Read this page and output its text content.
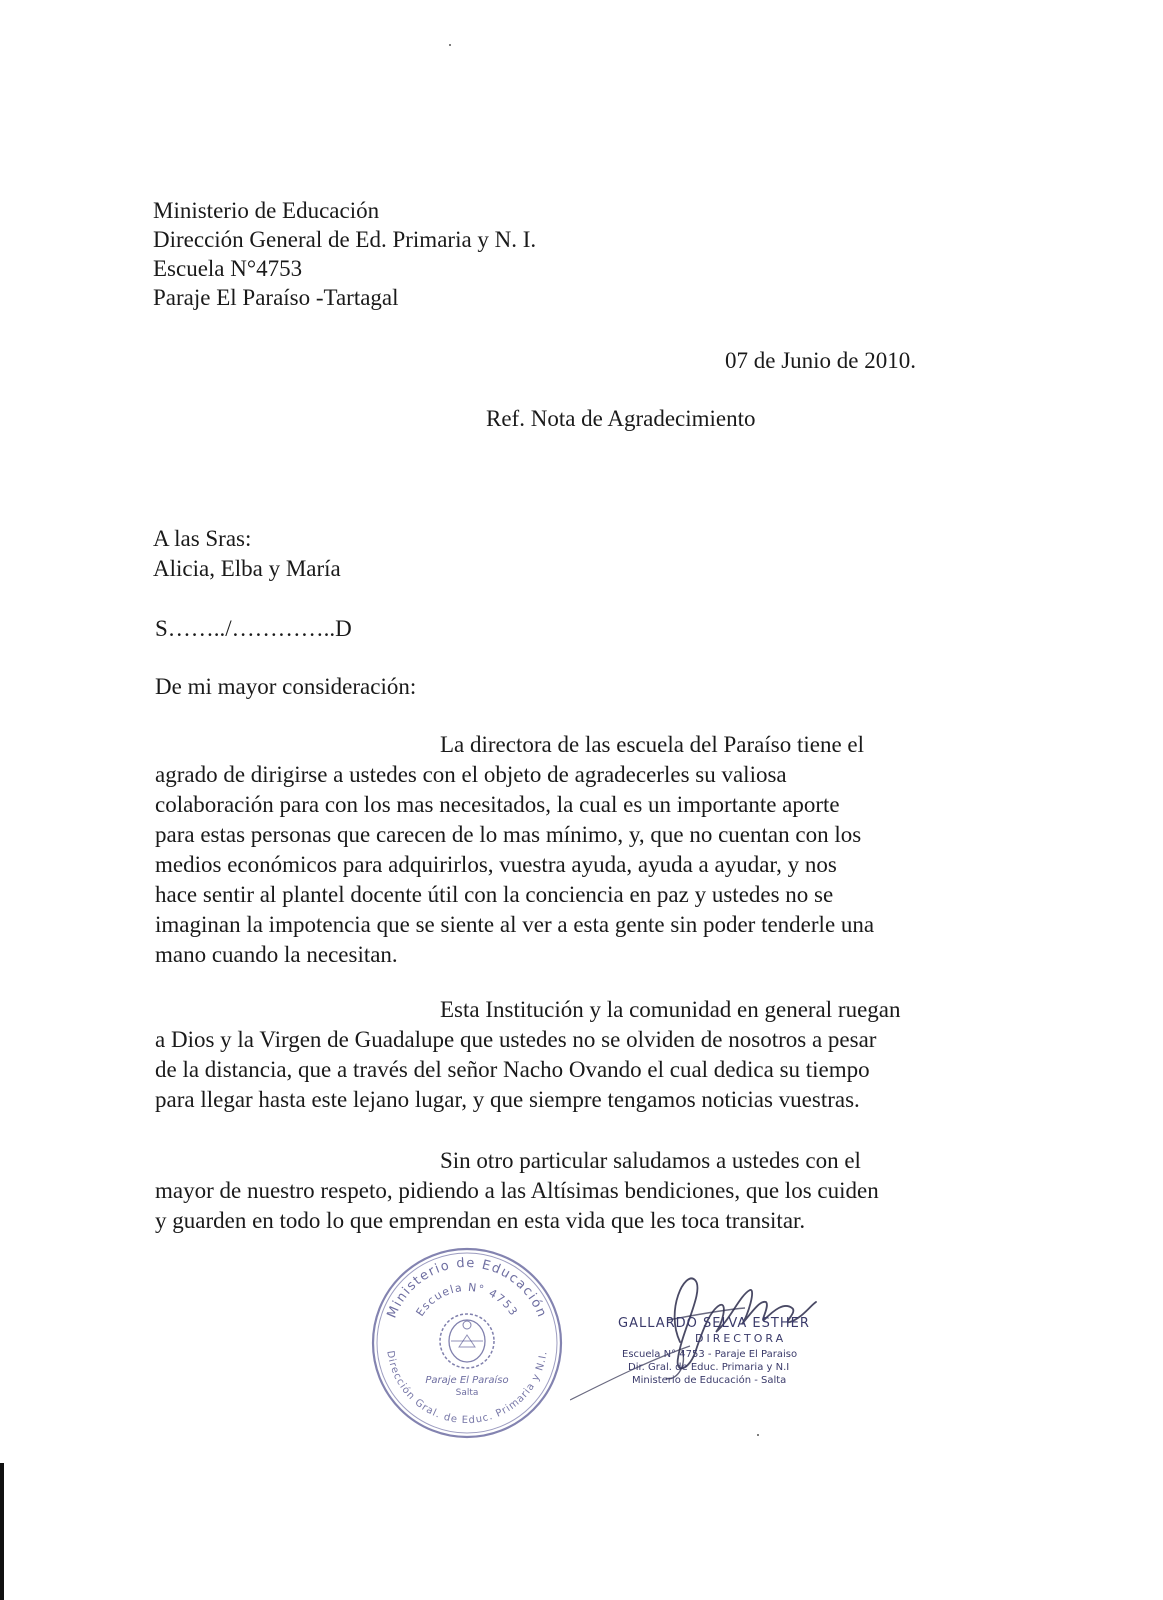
Ministerio de Educación
Dirección General de Ed. Primaria y N. I.
Escuela N°4753
Paraje El Paraíso -Tartagal
07 de Junio de 2010.
Ref. Nota de Agradecimiento
A las Sras:
Alicia, Elba y María
S……../…………..D
De mi mayor consideración:
La directora de las escuela del Paraíso tiene el
agrado de dirigirse a ustedes con el objeto de agradecerles su valiosa
colaboración para con los mas necesitados, la cual es un importante aporte
para estas personas que carecen de lo mas mínimo, y, que no cuentan con los
medios económicos para adquirirlos, vuestra ayuda, ayuda a ayudar, y nos
hace sentir al plantel docente útil con la conciencia en paz y ustedes no se
imaginan la impotencia que se siente al ver a esta gente sin poder tenderle una
mano cuando la necesitan.
Esta Institución y la comunidad en general ruegan
a Dios y la Virgen de Guadalupe que ustedes no se olviden de nosotros a pesar
de la distancia, que a través del señor Nacho Ovando el cual dedica su tiempo
para llegar hasta este lejano lugar, y que siempre tengamos noticias vuestras.
Sin otro particular saludamos a ustedes con el
mayor de nuestro respeto, pidiendo a las Altísimas bendiciones, que los cuiden
y guarden en todo lo que emprendan en esta vida que les toca transitar.
Ministerio de Educación
Escuela N° 4753
Dirección Gral. de Educ. Primaria y N.I.
Paraje El Paraíso
Salta
GALLARDO SELVA ESTHER
DIRECTORA
Escuela N° 4753 - Paraje El Paraiso
Dir. Gral. de Educ. Primaria y N.I
Ministerio de Educación - Salta
